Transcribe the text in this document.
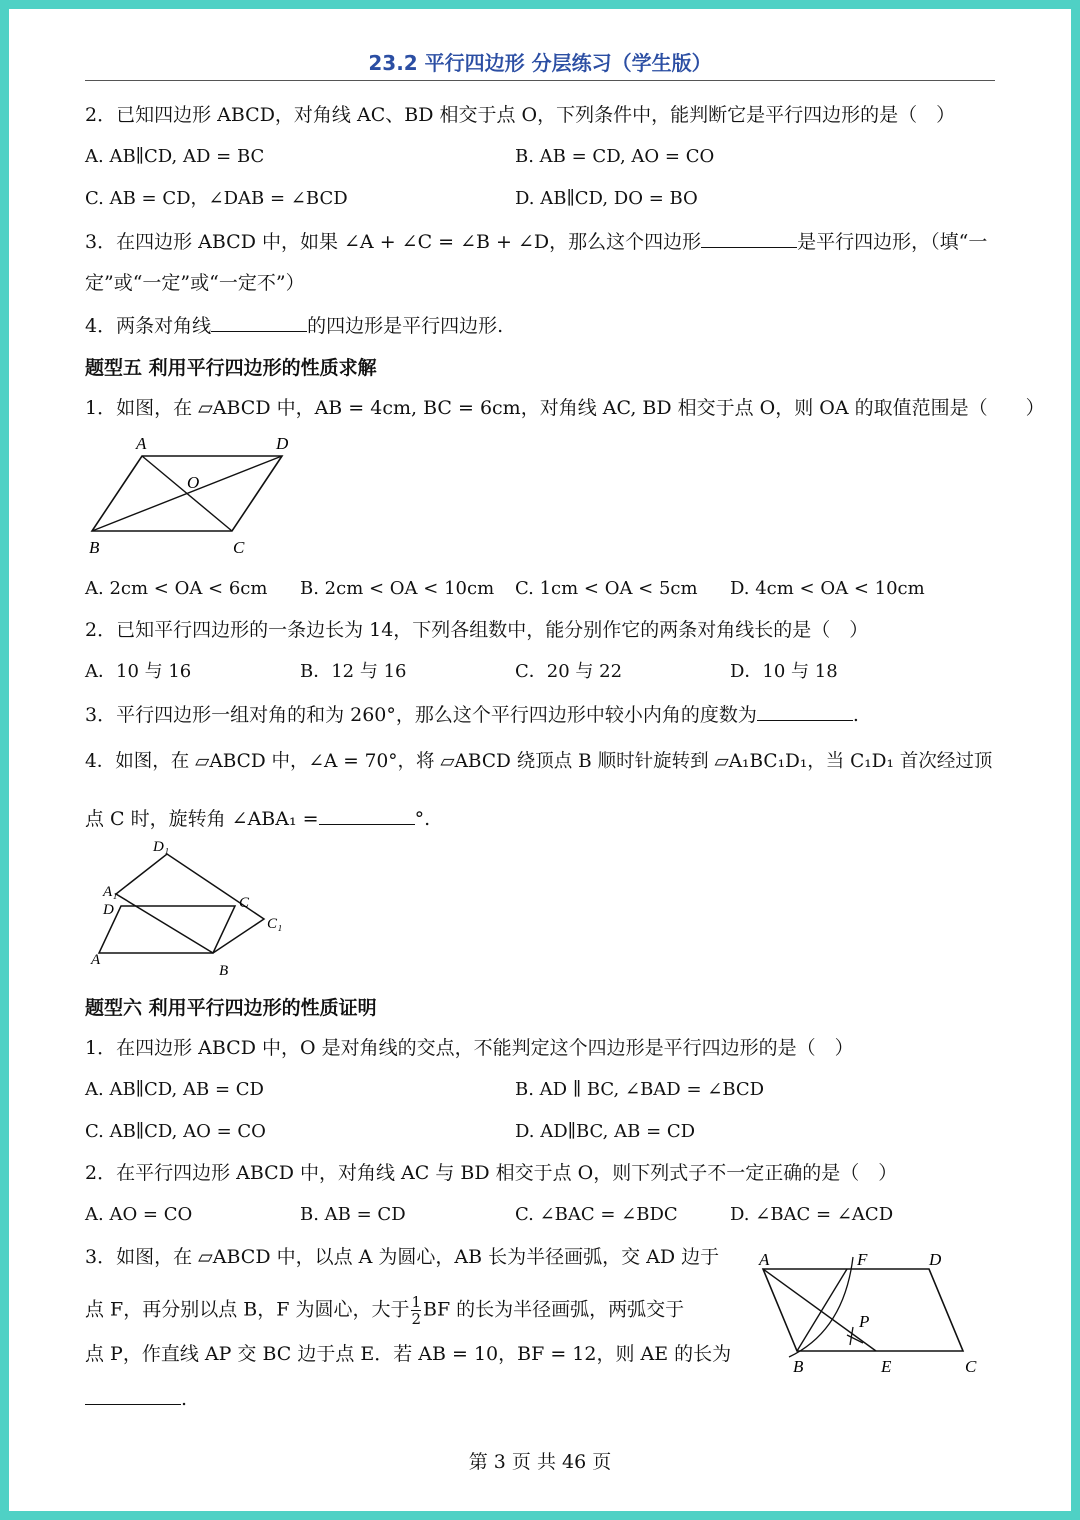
23.2 平行四边形 分层练习（学生版）
2．已知四边形 ABCD，对角线 AC、BD 相交于点 O，下列条件中，能判断它是平行四边形的是（　）
A. AB∥CD, AD = BC	B. AB = CD, AO = CO
C. AB = CD，∠DAB = ∠BCD	D. AB∥CD, DO = BO
3．在四边形 ABCD 中，如果 ∠A + ∠C = ∠B + ∠D，那么这个四边形	是平行四边形，（填“一
定”或“一定”或“一定不”）
4．两条对角线	的四边形是平行四边形.
题型五 利用平行四边形的性质求解
1．如图，在 ▱ABCD 中，AB = 4cm, BC = 6cm，对角线 AC, BD 相交于点 O，则 OA 的取值范围是（　　）
A	D
O
B	C
A. 2cm < OA < 6cm B. 2cm < OA < 10cm C. 1cm < OA < 5cm D. 4cm < OA < 10cm
2．已知平行四边形的一条边长为 14，下列各组数中，能分别作它的两条对角线长的是（　）
A．10 与 16	B．12 与 16	C．20 与 22	D．10 与 18
3．平行四边形一组对角的和为 260°，那么这个平行四边形中较小内角的度数为	.
4．如图，在 ▱ABCD 中，∠A = 70°，将 ▱ABCD 绕顶点 B 顺时针旋转到 ▱A₁BC₁D₁，当 C₁D₁ 首次经过顶
点 C 时，旋转角 ∠ABA₁ =	°.
D₁
A₁
D	C
C₁
A
B
题型六 利用平行四边形的性质证明
1．在四边形 ABCD 中，O 是对角线的交点，不能判定这个四边形是平行四边形的是（　）
A. AB∥CD, AB = CD	B. AD ∥ BC, ∠BAD = ∠BCD
C. AB∥CD, AO = CO	D. AD∥BC, AB = CD
2．在平行四边形 ABCD 中，对角线 AC 与 BD 相交于点 O，则下列式子不一定正确的是（　）
A. AO = CO	B. AB = CD	C. ∠BAC = ∠BDC	D. ∠BAC = ∠ACD
3．如图，在 ▱ABCD 中，以点 A 为圆心，AB 长为半径画弧，交 AD 边于
点 F，再分别以点 B，F 为圆心，大于 $\frac{1}{2}$ BF 的长为半径画弧，两弧交于
点 P，作直线 AP 交 BC 边于点 E．若 AB = 10，BF = 12，则 AE 的长为
.
A	F	D
P
B	E	C
第 3 页 共 46 页
